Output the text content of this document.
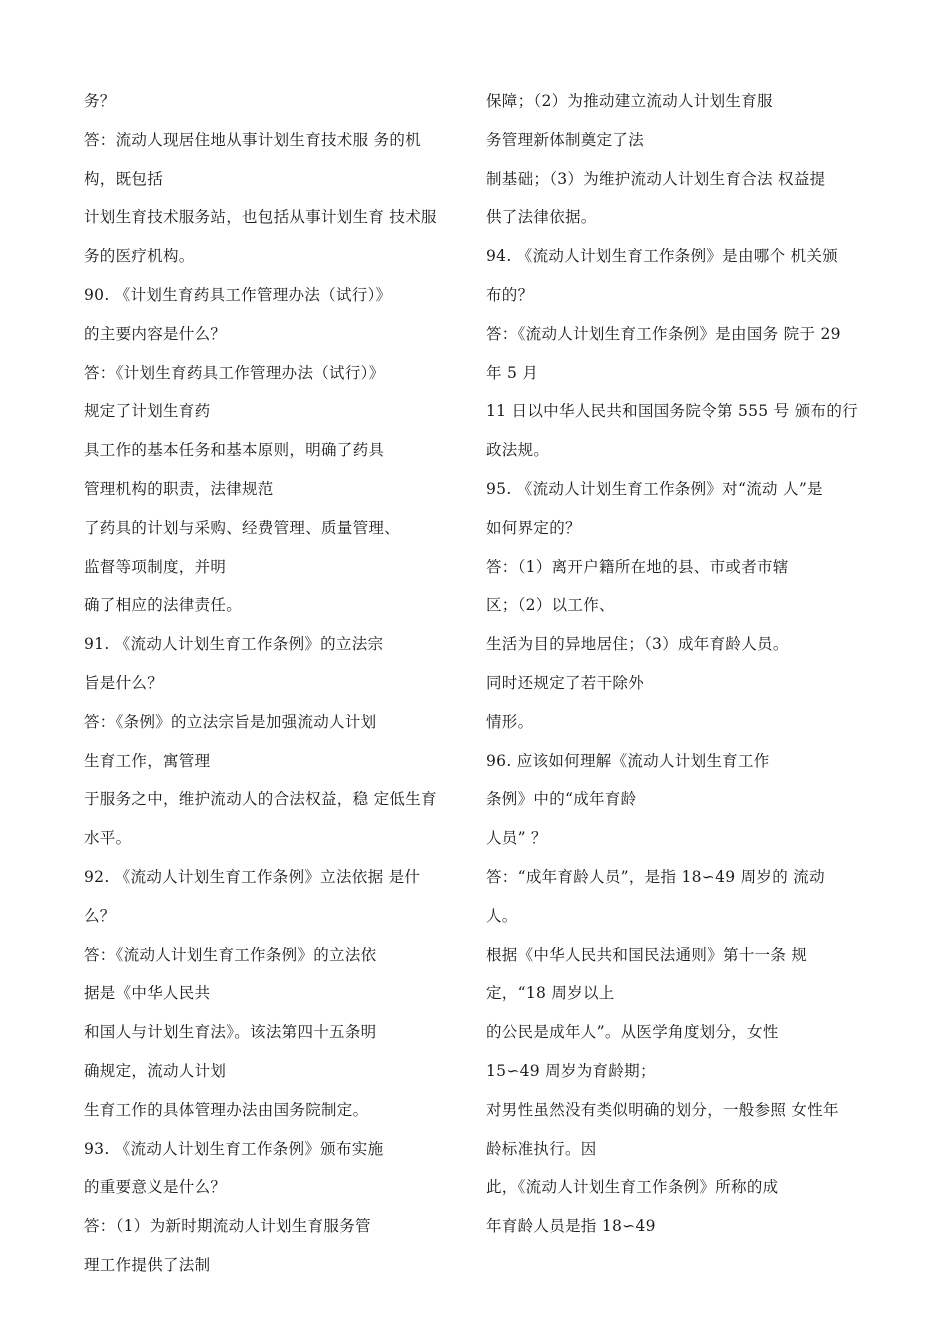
务？
答：流动人现居住地从事计划生育技术服 务的机
构，既包括
计划生育技术服务站，也包括从事计划生育 技术服
务的医疗机构。
90. 《计划生育药具工作管理办法（试行）》
的主要内容是什么？
答：《计划生育药具工作管理办法（试行）》
规定了计划生育药
具工作的基本任务和基本原则，明确了药具
管理机构的职责，法律规范
了药具的计划与采购、经费管理、质量管理、
监督等项制度，并明
确了相应的法律责任。
91. 《流动人计划生育工作条例》的立法宗
旨是什么？
答：《条例》的立法宗旨是加强流动人计划
生育工作，寓管理
于服务之中，维护流动人的合法权益，稳 定低生育
水平。
92. 《流动人计划生育工作条例》立法依据 是什
么？
答：《流动人计划生育工作条例》的立法依
据是《中华人民共
和国人与计划生育法》。该法第四十五条明
确规定，流动人计划
生育工作的具体管理办法由国务院制定。
93. 《流动人计划生育工作条例》颁布实施
的重要意义是什么？
答：（1）为新时期流动人计划生育服务管
理工作提供了法制
保障；（2）为推动建立流动人计划生育服
务管理新体制奠定了法
制基础；（3）为维护流动人计划生育合法 权益提
供了法律依据。
94. 《流动人计划生育工作条例》是由哪个 机关颁
布的？
答：《流动人计划生育工作条例》是由国务 院于 29
年 5 月
11 日以中华人民共和国国务院令第 555 号 颁布的行
政法规。
95. 《流动人计划生育工作条例》对“流动 人”是
如何界定的？
答：（1）离开户籍所在地的县、市或者市辖
区；（2）以工作、
生活为目的异地居住；（3）成年育龄人员。
同时还规定了若干除外
情形。
96. 应该如何理解《流动人计划生育工作
条例》中的“成年育龄
人员” ？
答：“成年育龄人员”，是指 18∽49 周岁的 流动
人。
根据《中华人民共和国民法通则》第十一条 规
定，“18 周岁以上
的公民是成年人”。从医学角度划分，女性
15∽49 周岁为育龄期；
对男性虽然没有类似明确的划分，一般参照 女性年
龄标准执行。因
此，《流动人计划生育工作条例》所称的成
年育龄人员是指 18∽49
